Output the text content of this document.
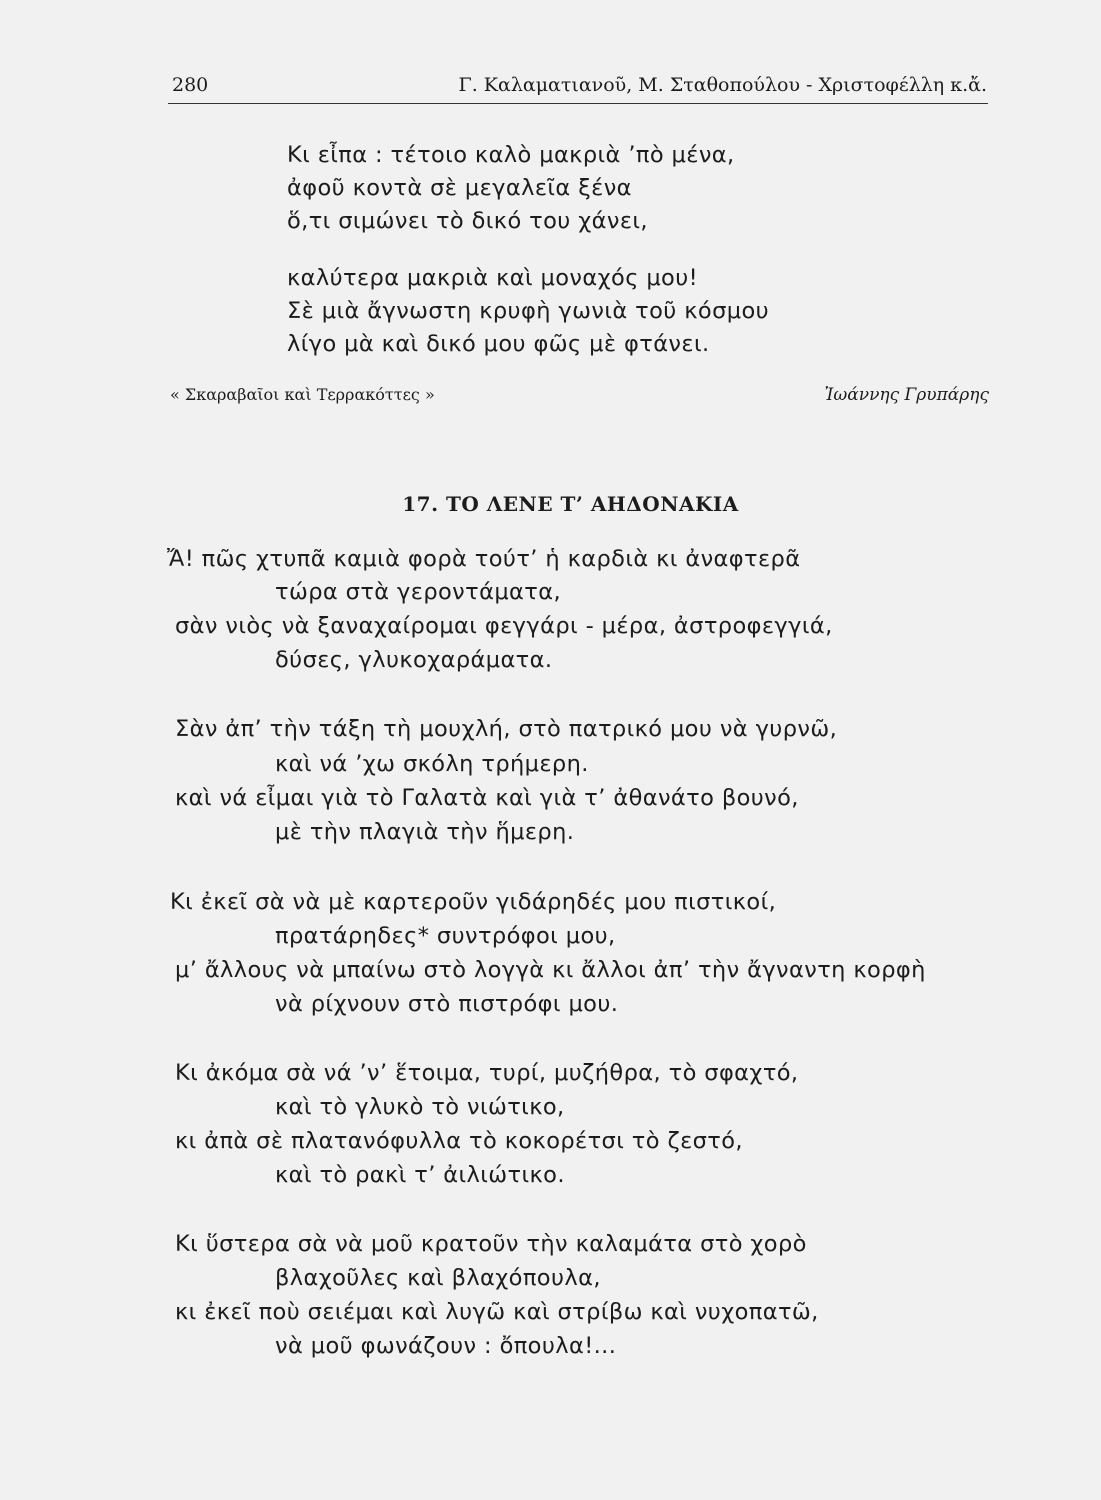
280	Γ. Καλαματιανοῦ, Μ. Σταθοπούλου - Χριστοφέλλη κ.ἄ.
Κι εἶπα : τέτοιο καλὸ μακριὰ ’πὸ μένα,
ἀφοῦ κοντὰ σὲ μεγαλεῖα ξένα
ὅ,τι σιμώνει τὸ δικό του χάνει,
καλύτερα μακριὰ καὶ μοναχός μου!
Σὲ μιὰ ἄγνωστη κρυφὴ γωνιὰ τοῦ κόσμου
λίγο μὰ καὶ δικό μου φῶς μὲ φτάνει.
« Σκαραβαῖοι καὶ Τερρακόττες »	Ἰωάννης Γρυπάρης
17. ΤΟ ΛΕΝΕ Τ’ ΑΗΔΟΝΑΚΙΑ
Ἄ! πῶς χτυπᾶ καμιὰ φορὰ τούτ’ ἡ καρδιὰ κι ἀναφτερᾶ
τώρα στὰ γεροντάματα,
σὰν νιὸς νὰ ξαναχαίρομαι φεγγάρι - μέρα, ἀστροφεγγιά,
δύσες, γλυκοχαράματα.
Σὰν ἀπ’ τὴν τάξη τὴ μουχλή, στὸ πατρικό μου νὰ γυρνῶ,
καὶ νά ’χω σκόλη τρήμερη.
καὶ νά εἶμαι γιὰ τὸ Γαλατὰ καὶ γιὰ τ’ ἀθανάτο βουνό,
μὲ τὴν πλαγιὰ τὴν ἥμερη.
Κι ἐκεῖ σὰ νὰ μὲ καρτεροῦν γιδάρηδές μου πιστικοί,
πρατάρηδες* συντρόφοι μου,
μ’ ἄλλους νὰ μπαίνω στὸ λογγὰ κι ἄλλοι ἀπ’ τὴν ἄγναντη κορφὴ
νὰ ρίχνουν στὸ πιστρόφι μου.
Κι ἀκόμα σὰ νά ’ν’ ἕτοιμα, τυρί, μυζήθρα, τὸ σφαχτό,
καὶ τὸ γλυκὸ τὸ νιώτικο,
κι ἀπὰ σὲ πλατανόφυλλα τὸ κοκορέτσι τὸ ζεστό,
καὶ τὸ ρακὶ τ’ ἀιλιώτικο.
Κι ὕστερα σὰ νὰ μοῦ κρατοῦν τὴν καλαμάτα στὸ χορὸ
βλαχοῦλες καὶ βλαχόπουλα,
κι ἐκεῖ ποὺ σειέμαι καὶ λυγῶ καὶ στρίβω καὶ νυχοπατῶ,
νὰ μοῦ φωνάζουν : ὄπουλα!...
